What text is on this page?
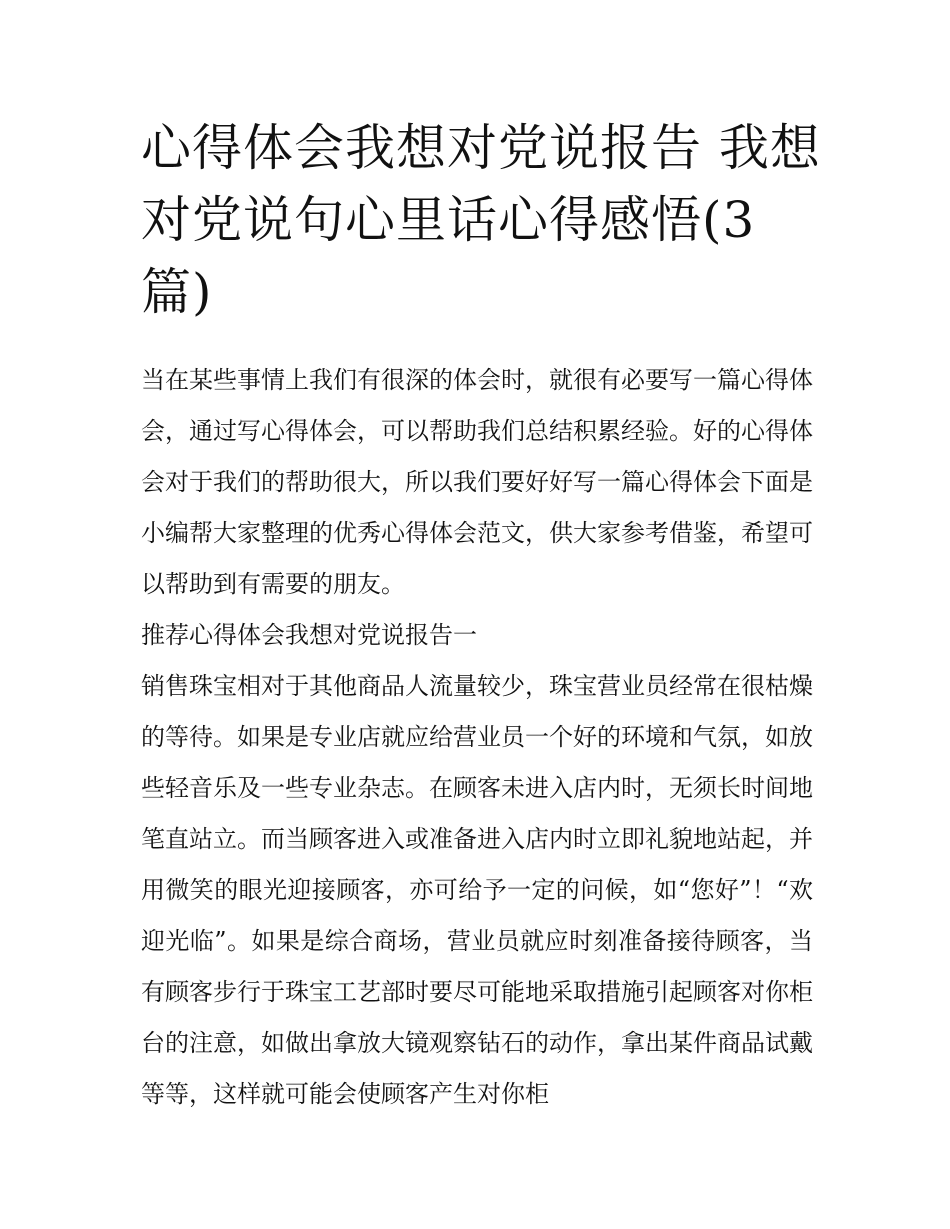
心得体会我想对党说报告 我想对党说句心里话心得感悟(3篇)

当在某些事情上我们有很深的体会时，就很有必要写一篇心得体会，通过写心得体会，可以帮助我们总结积累经验。好的心得体会对于我们的帮助很大，所以我们要好好写一篇心得体会下面是小编帮大家整理的优秀心得体会范文，供大家参考借鉴，希望可以帮助到有需要的朋友。

推荐心得体会我想对党说报告一

销售珠宝相对于其他商品人流量较少，珠宝营业员经常在很枯燥的等待。如果是专业店就应给营业员一个好的环境和气氛，如放些轻音乐及一些专业杂志。在顾客未进入店内时，无须长时间地笔直站立。而当顾客进入或准备进入店内时立即礼貌地站起，并用微笑的眼光迎接顾客，亦可给予一定的问候，如“您好”！“欢迎光临”。如果是综合商场，营业员就应时刻准备接待顾客，当有顾客步行于珠宝工艺部时要尽可能地采取措施引起顾客对你柜台的注意，如做出拿放大镜观察钻石的动作，拿出某件商品试戴等等，这样就可能会使顾客产生对你柜
